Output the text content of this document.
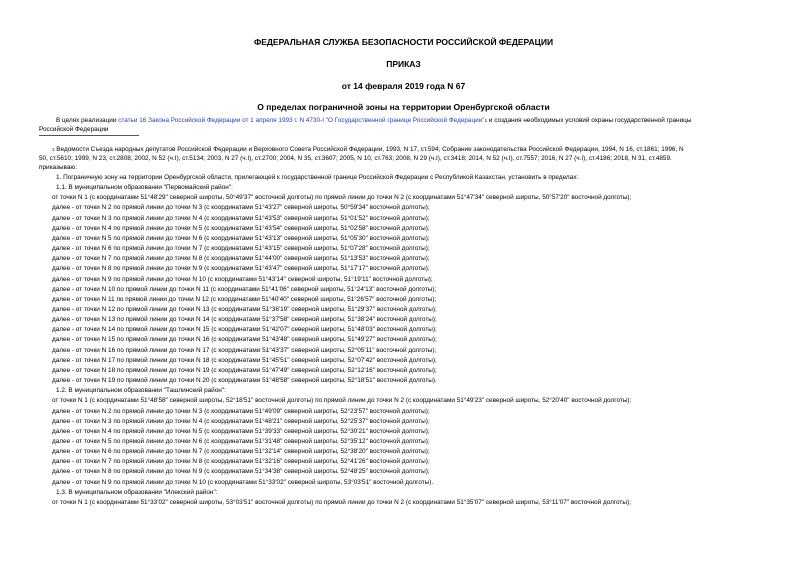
ФЕДЕРАЛЬНАЯ СЛУЖБА БЕЗОПАСНОСТИ РОССИЙСКОЙ ФЕДЕРАЦИИ
ПРИКАЗ
от 14 февраля 2019 года N 67
О пределах пограничной зоны на территории Оренбургской области
В целях реализации статьи 16 Закона Российской Федерации от 1 апреля 1993 г. N 4730-I "О Государственной границе Российской Федерации"$^1$ и создания необходимых условий охраны государственной границы
Российской Федерации
$^1$ Ведомости Съезда народных депутатов Российской Федерации и Верховного Совета Российской Федерации, 1993, N 17, ст.594; Собрание законодательства Российской Федерации, 1994, N 16, ст.1861; 1996, N
50, ст.5610; 1999, N 23, ст.2808; 2002, N 52 (ч.I), ст.5134; 2003, N 27 (ч.I), ст.2700; 2004, N 35, ст.3607; 2005, N 10, ст.763; 2008, N 29 (ч.I), ст.3418; 2014, N 52 (ч.I), ст.7557; 2016, N 27 (ч.I), ст.4186; 2018, N 31, ст.4859.
приказываю:
1. Пограничную зону на территории Оренбургской области, прилегающей к государственной границе Российской Федерации с Республикой Казахстан, установить в пределах:
1.1. В муниципальном образовании "Первомайский район":
от точки N 1 (с координатами 51°48'29" северной широты, 50°49'37" восточной долготы) по прямой линии до точки N 2 (с координатами 51°47'34" северной широты, 50°57'20" восточной долготы);
далее - от точки N 2 по прямой линии до точки N 3 (с координатами 51°43'27" северной широты, 50°59'34" восточной долготы);
далее - от точки N 3 по прямой линии до точки N 4 (с координатами 51°43'53" северной широты, 51°01'52" восточной долготы);
далее - от точки N 4 по прямой линии до точки N 5 (с координатами 51°43'54" северной широты, 51°02'58" восточной долготы);
далее - от точки N 5 по прямой линии до точки N 6 (с координатами 51°43'13" северной широты, 51°05'30" восточной долготы);
далее - от точки N 6 по прямой линии до точки N 7 (с координатами 51°43'15" северной широты, 51°07'28" восточной долготы);
далее - от точки N 7 по прямой линии до точки N 8 (с координатами 51°44'00" северной широты, 51°13'53" восточной долготы);
далее - от точки N 8 по прямой линии до точки N 9 (с координатами 51°43'47" северной широты, 51°17'17" восточной долготы);
далее - от точки N 9 по прямой линии до точки N 10 (с координатами 51°43'14" северной широты, 51°19'11" восточной долготы);
далее - от точки N 10 по прямой линии до точки N 11 (с координатами 51°41'06" северной широты, 51°24'13" восточной долготы);
далее - от точки N 11 по прямой линии до точки N 12 (с координатами 51°40'40" северной широты, 51°26'57" восточной долготы);
далее - от точки N 12 по прямой линии до точки N 13 (с координатами 51°36'19" северной широты, 51°29'37" восточной долготы);
далее - от точки N 13 по прямой линии до точки N 14 (с координатами 51°37'58" северной широты, 51°38'24" восточной долготы);
далее - от точки N 14 по прямой линии до точки N 15 (с координатами 51°42'07" северной широты, 51°48'03" восточной долготы);
далее - от точки N 15 по прямой линии до точки N 16 (с координатами 51°43'48" северной широты, 51°49'27" восточной долготы);
далее - от точки N 16 по прямой линии до точки N 17 (с координатами 51°43'37" северной широты, 52°05'11" восточной долготы);
далее - от точки N 17 по прямой линии до точки N 18 (с координатами 51°45'51" северной широты, 52°07'42" восточной долготы);
далее - от точки N 18 по прямой линии до точки N 19 (с координатами 51°47'49" северной широты, 52°12'16" восточной долготы);
далее - от точки N 19 по прямой линии до точки N 20 (с координатами 51°48'58" северной широты, 52°18'51" восточной долготы).
1.2. В муниципальном образовании "Ташлинский район":
от точки N 1 (с координатами 51°48'58" северной широты, 52°18'51" восточной долготы) по прямой линии до точки N 2 (с координатами 51°49'23" северной широты, 52°20'40" восточной долготы);
далее - от точки N 2 по прямой линии до точки N 3 (с координатами 51°49'09" северной широты, 52°23'57" восточной долготы);
далее - от точки N 3 по прямой линии до точки N 4 (с координатами 51°48'21" северной широты, 52°25'37" восточной долготы);
далее - от точки N 4 по прямой линии до точки N 5 (с координатами 51°39'33" северной широты, 52°30'21" восточной долготы);
далее - от точки N 5 по прямой линии до точки N 6 (с координатами 51°31'48" северной широты, 52°35'12" восточной долготы);
далее - от точки N 6 по прямой линии до точки N 7 (с координатами 51°32'14" северной широты, 52°38'20" восточной долготы);
далее - от точки N 7 по прямой линии до точки N 8 (с координатами 51°32'16" северной широты, 52°41'26" восточной долготы);
далее - от точки N 8 по прямой линии до точки N 9 (с координатами 51°34'38" северной широты, 52°48'25" восточной долготы);
далее - от точки N 9 по прямой линии до точки N 10 (с координатами 51°33'02" северной широты, 53°03'51" восточной долготы).
1.3. В муниципальном образовании "Илекский район":
от точки N 1 (с координатами 51°33'02" северной широты, 53°03'51" восточной долготы) по прямой линии до точки N 2 (с координатами 51°35'07" северной широты, 53°11'07" восточной долготы);
